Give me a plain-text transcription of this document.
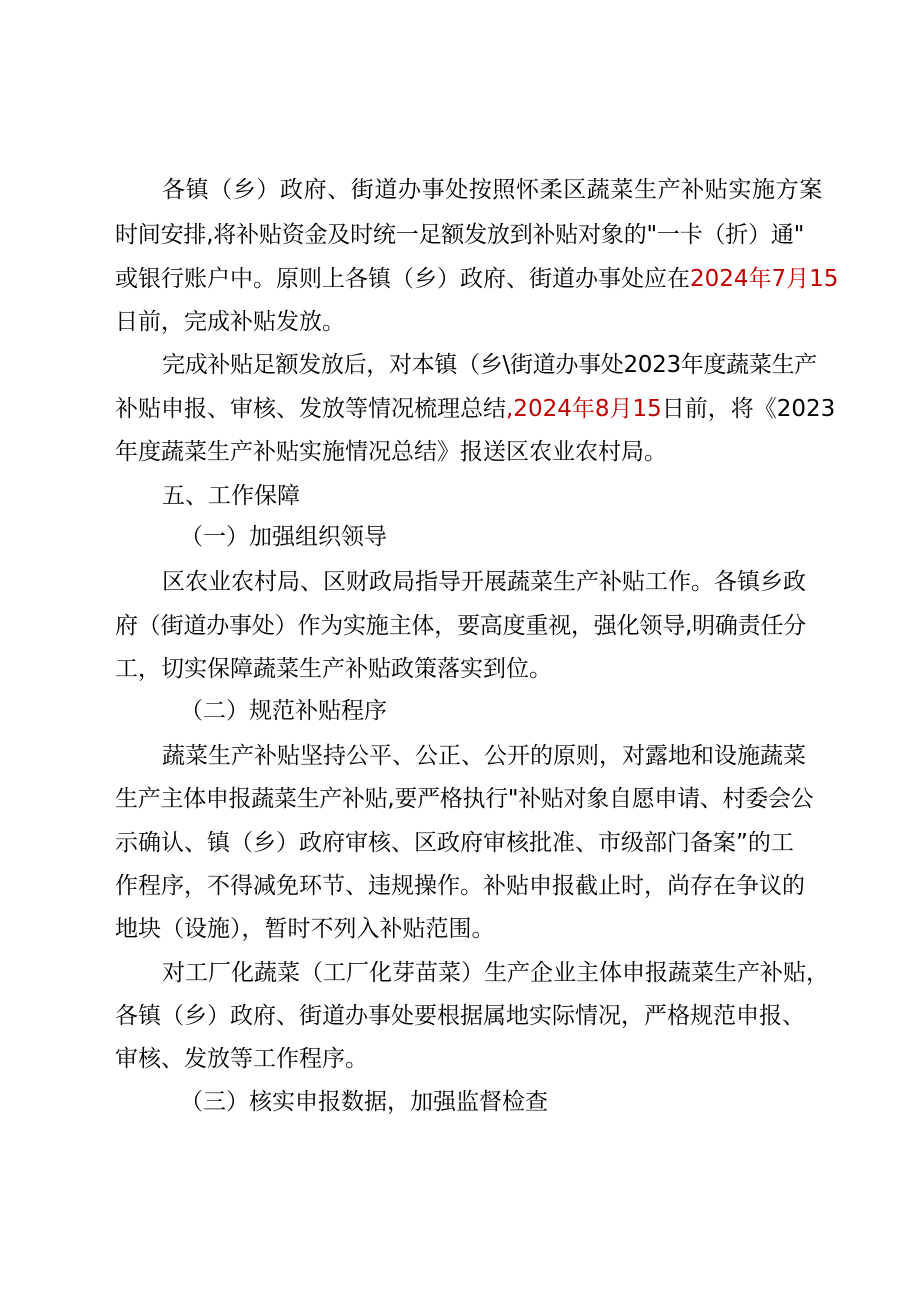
各镇（乡）政府、街道办事处按照怀柔区蔬菜生产补贴实施方案
时间安排,将补贴资金及时统一足额发放到补贴对象的"一卡（折）通"
或银行账户中。原则上各镇（乡）政府、街道办事处应在2024年7月15
日前，完成补贴发放。
完成补贴足额发放后，对本镇（乡\街道办事处2023年度蔬菜生产
补贴申报、审核、发放等情况梳理总结,2024年8月15日前，将《2023
年度蔬菜生产补贴实施情况总结》报送区农业农村局。
五、工作保障
（一）加强组织领导
区农业农村局、区财政局指导开展蔬菜生产补贴工作。各镇乡政
府（街道办事处）作为实施主体，要高度重视，强化领导,明确责任分
工，切实保障蔬菜生产补贴政策落实到位。
（二）规范补贴程序
蔬菜生产补贴坚持公平、公正、公开的原则，对露地和设施蔬菜
生产主体申报蔬菜生产补贴,要严格执行"补贴对象自愿申请、村委会公
示确认、镇（乡）政府审核、区政府审核批准、市级部门备案”的工
作程序，不得减免环节、违规操作。补贴申报截止时，尚存在争议的
地块（设施），暂时不列入补贴范围。
对工厂化蔬菜（工厂化芽苗菜）生产企业主体申报蔬菜生产补贴，
各镇（乡）政府、街道办事处要根据属地实际情况，严格规范申报、
审核、发放等工作程序。
（三）核实申报数据，加强监督检查
